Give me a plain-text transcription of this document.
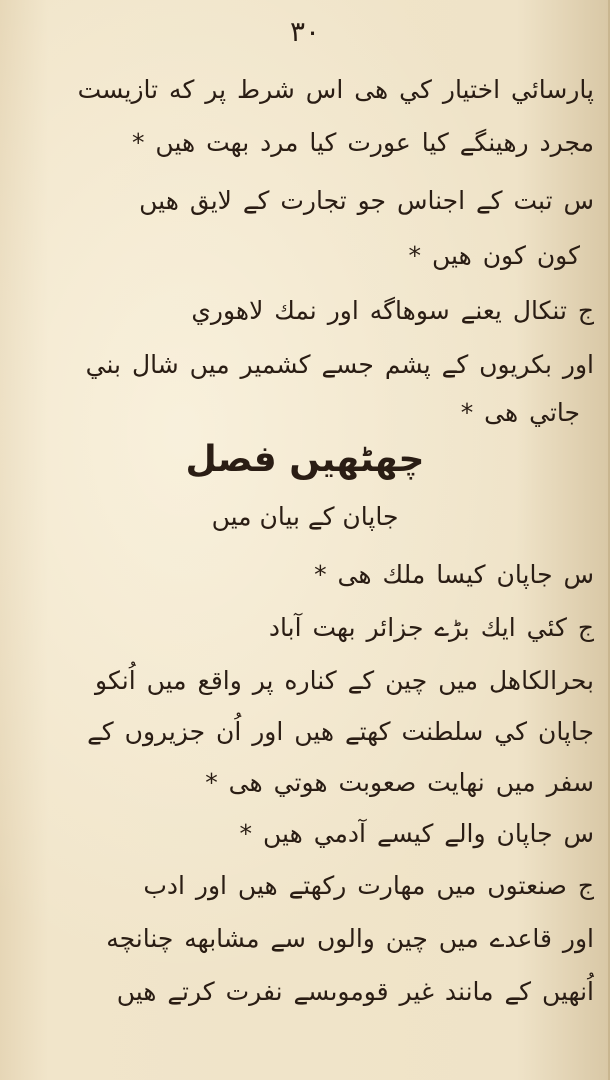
۳۰
پارسائي اختيار كي هی اس شرط پر كه تازيست
مجرد رهينگے كيا عورت كيا مرد بهت هيں *
س تبت كے اجناس جو تجارت كے لايق هيں
كون كون هيں *
ج تنكال يعنے سوهاگه اور نمك لاهوري
اور بكريوں كے پشم جسے كشمير ميں شال بني
جاتي هی *
چهٹهيں فصل
جاپان كے بيان ميں
س جاپان كيسا ملك هی *
ج كئي ايك بڑے جزائر بهت آباد
بحرالكاهل ميں چين كے كناره پر واقع ميں اُنكو
جاپان كي سلطنت كهتے هيں اور اُن جزيروں كے
سفر ميں نهايت صعوبت هوتي هی *
س جاپان والے كيسے آدمي هيں *
ج صنعتوں ميں مهارت ركهتے هيں اور ادب
اور قاعدے ميں چين والوں سے مشابهه چنانچه
اُنهيں كے مانند غير قوموںسے نفرت كرتے هيں
